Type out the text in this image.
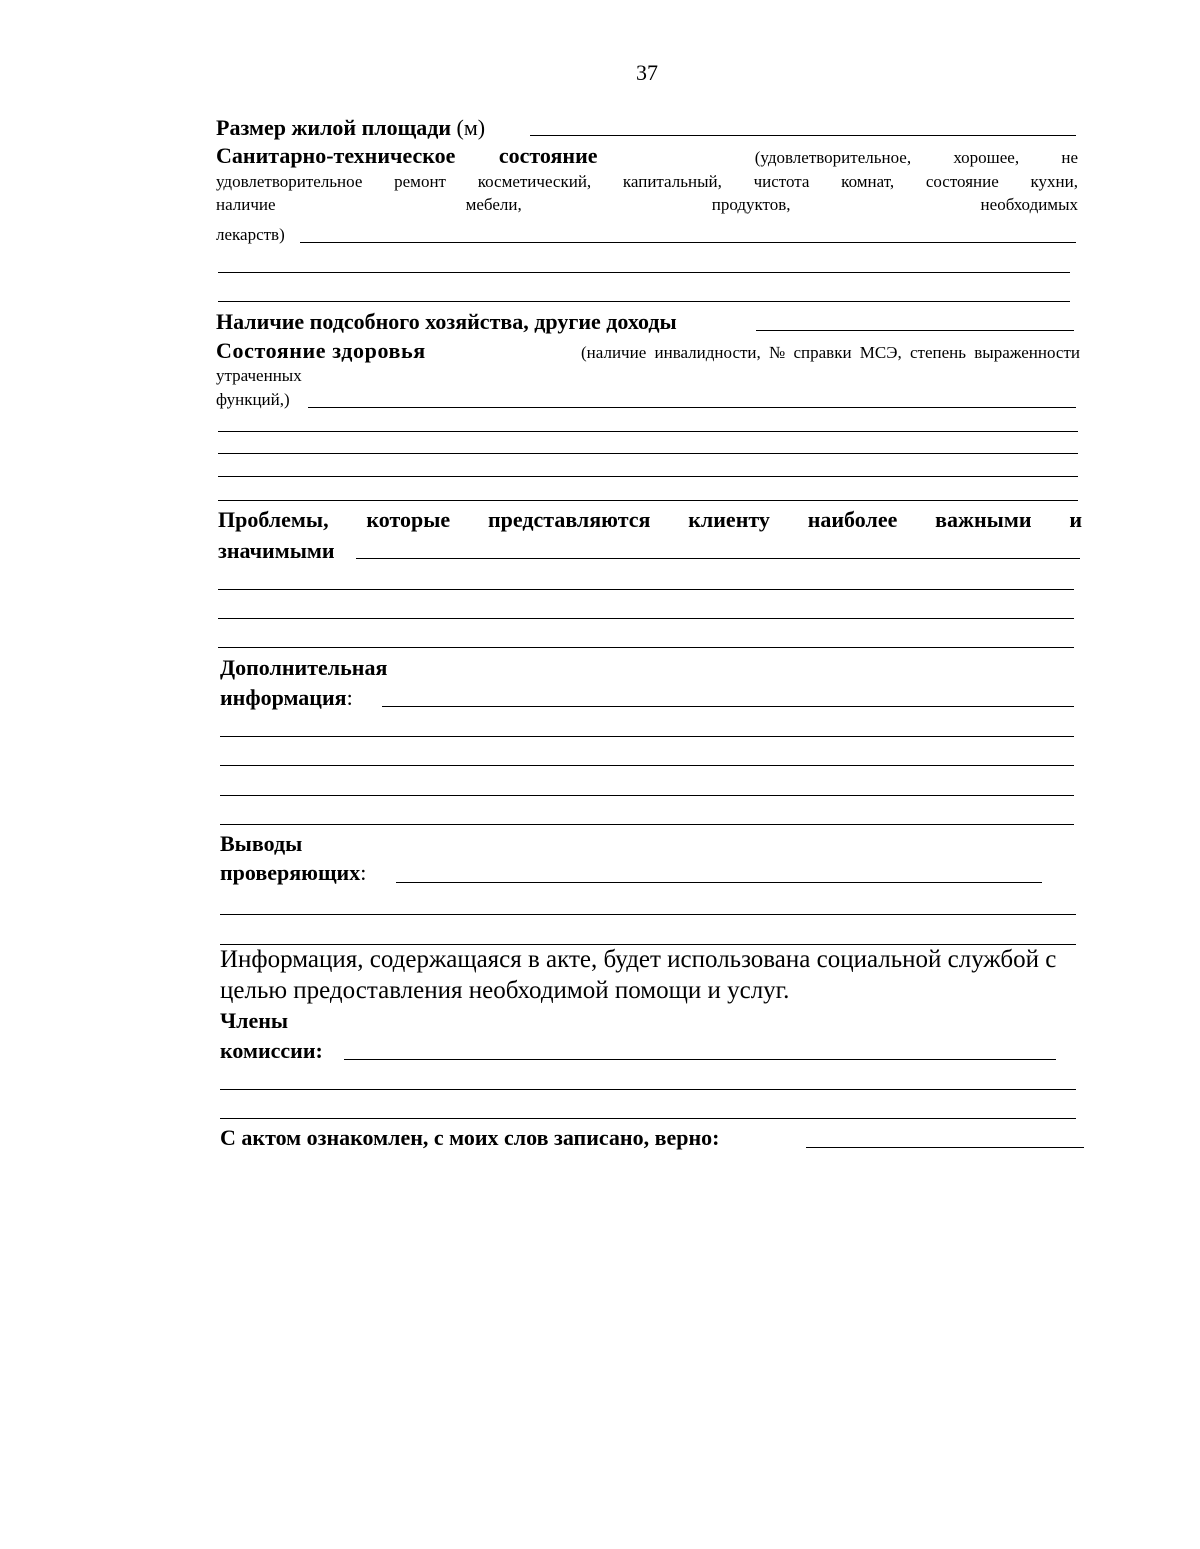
37
Размер жилой площади (м)
Санитарно-техническое состояние	(удовлетворительное, хорошее, не
удовлетворительное ремонт косметический, капитальный, чистота комнат, состояние кухни,
наличие мебели, продуктов, необходимых
лекарств)
Наличие подсобного хозяйства, другие доходы
Состояние здоровья	(наличие инвалидности, № справки МСЭ, степень выраженности
утраченных
функций,)
Проблемы, которые представляются клиенту наиболее важными и
значимыми
Дополнительная
информация:
Выводы
проверяющих:
Информация, содержащаяся в акте, будет использована социальной службой с
целью предоставления необходимой помощи и услуг.
Члены
комиссии:
С актом ознакомлен, с моих слов записано, верно:
